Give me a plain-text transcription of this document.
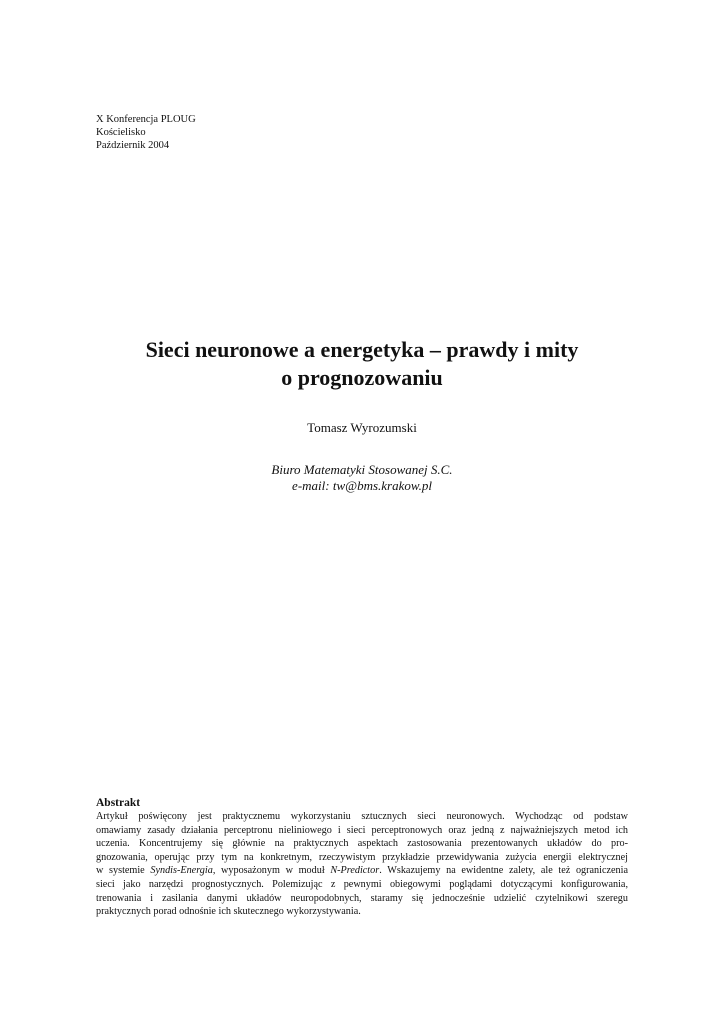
X Konferencja PLOUG
Kościelisko
Październik 2004
Sieci neuronowe a energetyka – prawdy i mity
o prognozowaniu
Tomasz Wyrozumski
Biuro Matematyki Stosowanej S.C.
e-mail: tw@bms.krakow.pl
Abstrakt
Artykuł poświęcony jest praktycznemu wykorzystaniu sztucznych sieci neuronowych. Wychodząc od podstaw
omawiamy zasady działania perceptronu nieliniowego i sieci perceptronowych oraz jedną z najważniejszych metod ich
uczenia. Koncentrujemy się głównie na praktycznych aspektach zastosowania prezentowanych układów do pro-
gnozowania, operując przy tym na konkretnym, rzeczywistym przykładzie przewidywania zużycia energii elektrycznej
w systemie Syndis-Energia, wyposażonym w moduł N-Predictor. Wskazujemy na ewidentne zalety, ale też ograniczenia
sieci jako narzędzi prognostycznych. Polemizując z pewnymi obiegowymi poglądami dotyczącymi konfigurowania,
trenowania i zasilania danymi układów neuropodobnych, staramy się jednocześnie udzielić czytelnikowi szeregu
praktycznych porad odnośnie ich skutecznego wykorzystywania.
